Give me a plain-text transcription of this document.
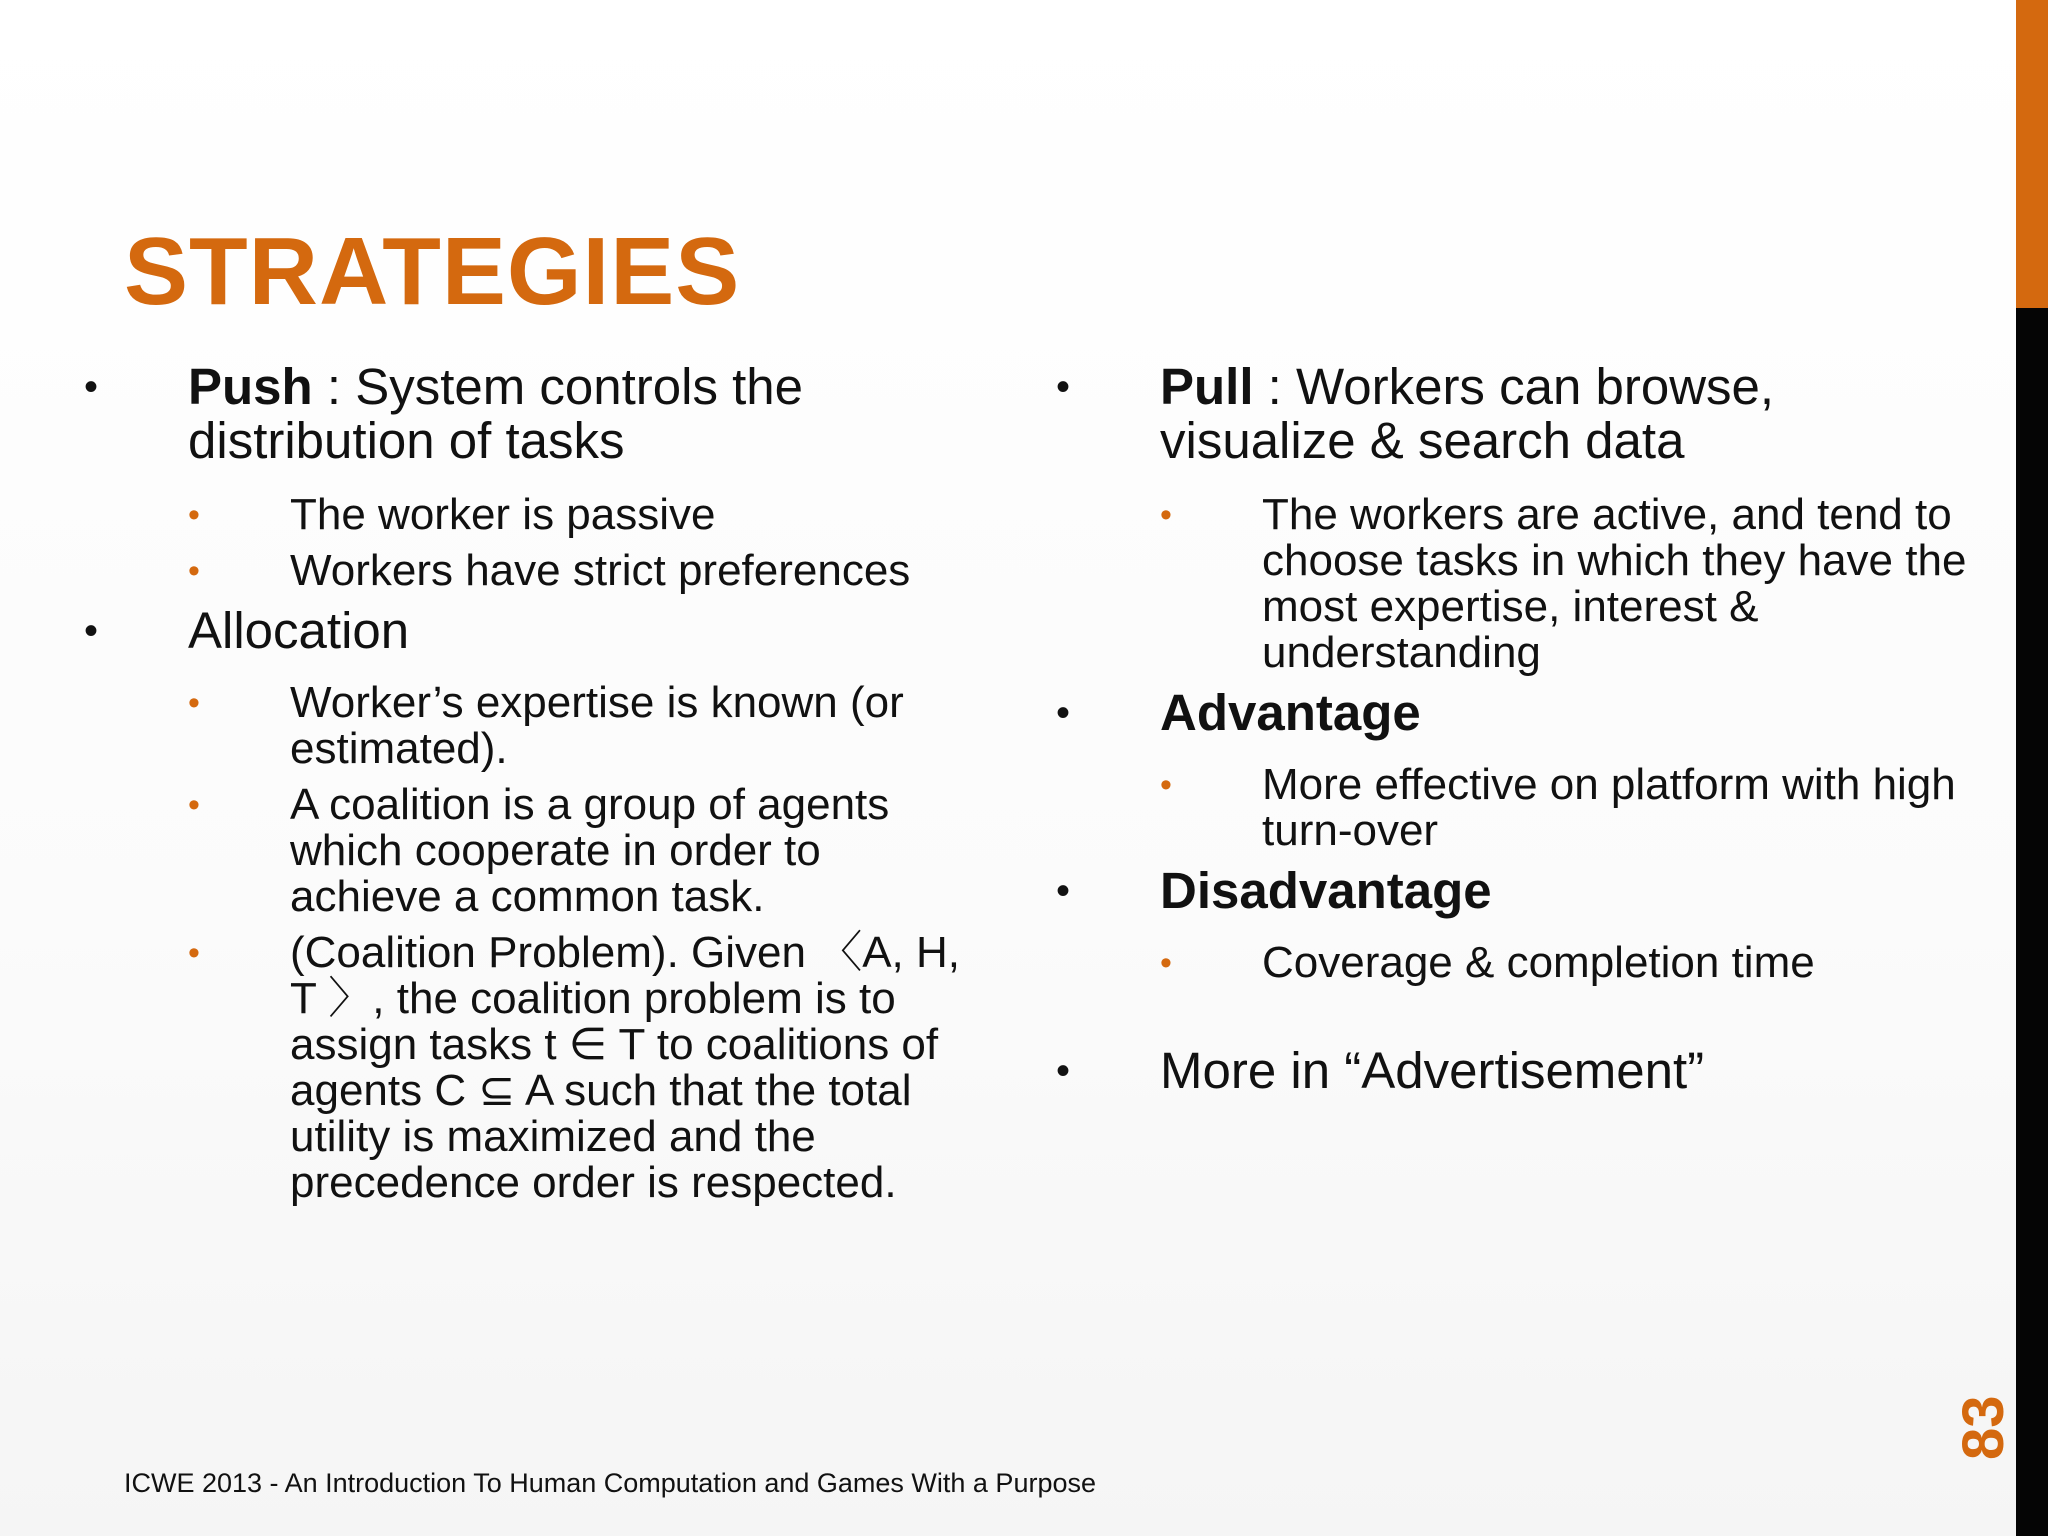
STRATEGIES
•	Push : System controls the distribution of tasks
•	The worker is passive
•	Workers have strict preferences
•	Allocation
•	Worker’s expertise is known (or estimated).
•	A coalition is a group of agents which cooperate in order to achieve a common task.
•	(Coalition Problem). Given 〈A, H, T 〉, the coalition problem is to assign tasks t ∈ T to coalitions of agents C ⊆ A such that the total utility is maximized and the precedence order is respected.
•	Pull : Workers can browse, visualize & search data
•	The workers are active, and tend to choose tasks in which they have the most expertise, interest & understanding
•	Advantage
•	More effective on platform with high turn-over
•	Disadvantage
•	Coverage & completion time
•	More in “Advertisement”
ICWE 2013 - An Introduction To Human Computation and Games With a Purpose
83
